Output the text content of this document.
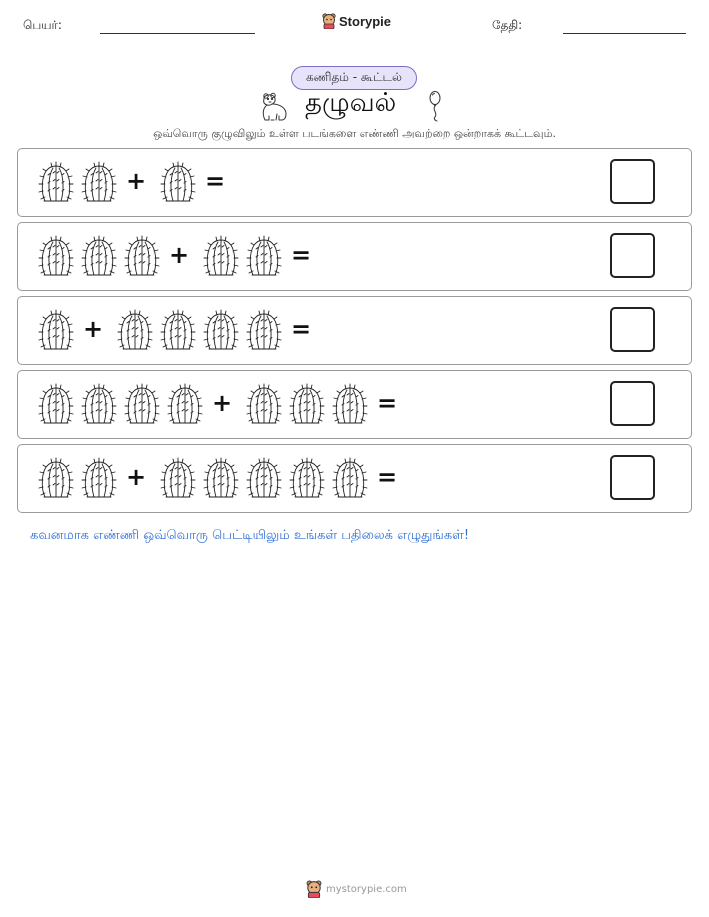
பெயர்:	Storypie	தேதி:
கணிதம் - கூட்டல்
தழுவல்
ஒவ்வொரு குழுவிலும் உள்ள படங்களை எண்ணி அவற்றை ஒன்றாகக் கூட்டவும்.
+ =
+	=
+	=
+	=
+	=
கவனமாக எண்ணி ஒவ்வொரு பெட்டியிலும் உங்கள் பதிலைக் எழுதுங்கள்!
mystorypie.com
